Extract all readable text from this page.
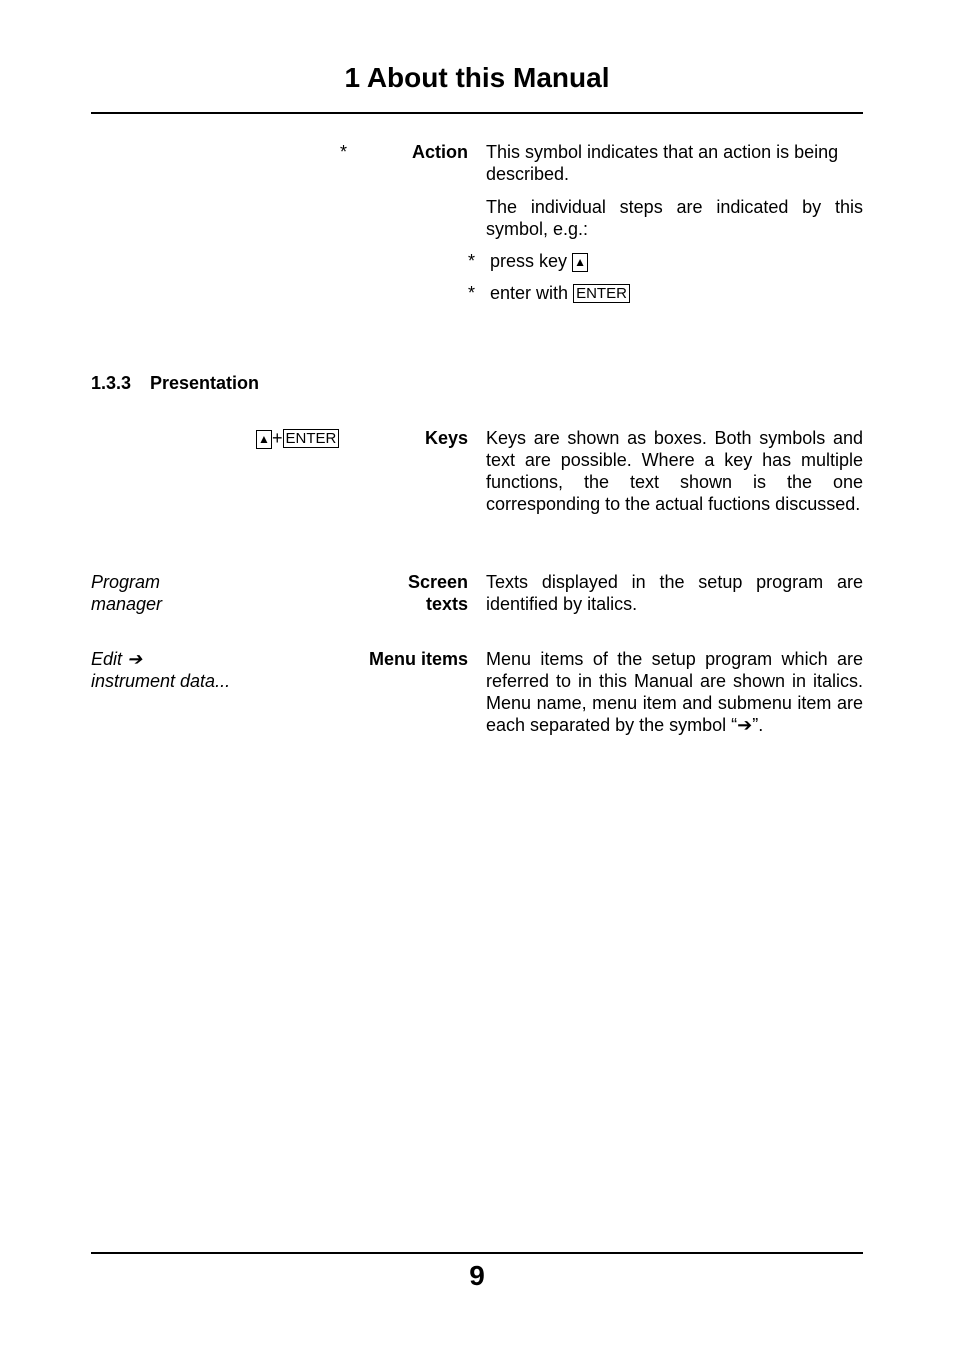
1 About this Manual
*	Action This symbol indicates that an action is being described.
The individual steps are indicated by this symbol, e.g.:
* press key ▲
* enter with ENTER
1.3.3 Presentation
▲ + ENTER	Keys Keys are shown as boxes. Both symbols and text are possible. Where a key has multiple functions, the text shown is the one corresponding to the actual fuctions discussed.
Program
manager
Screen
texts
Texts displayed in the setup program are identified by italics.
Edit ➔
instrument data...
Menu items Menu items of the setup program which are referred to in this Manual are shown in italics. Menu name, menu item and submenu item are each separated by the symbol “➔”.
9
